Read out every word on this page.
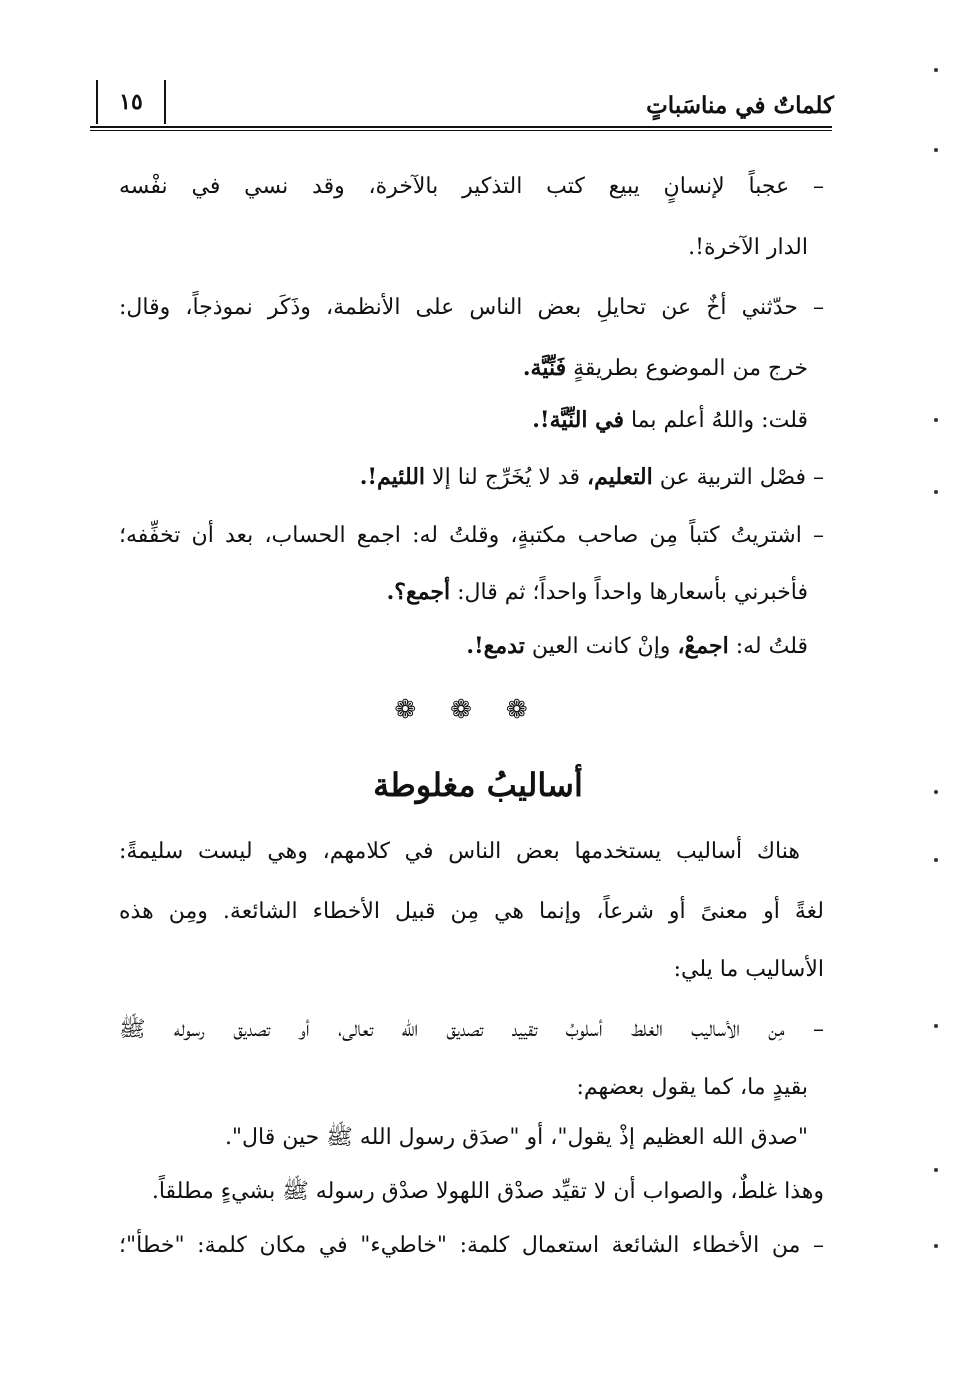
١٥	كلماتٌ في مناسَباتٍ
– عجباً لإنسانٍ يبيع كتب التذكير بالآخرة، وقد نسي في نفْسه
الدار الآخرة!.
– حدّثني أخٌ عن تحايلِ بعض الناس على الأنظمة، وذَكَر نموذجاً، وقال:
خرج من الموضوع بطريقةٍ فَنِّيَّة.
قلت: واللهُ أعلم بما في النِّيَّة!.
– فصْل التربية عن التعليم، قد لا يُخَرِّج لنا إلا اللئيم!.
– اشتريتُ كتباً مِن صاحب مكتبةٍ، وقلتُ له: اجمع الحساب، بعد أن تخفِّفه؛
فأخبرني بأسعارها واحداً واحداً؛ ثم قال: أجمع؟.
قلتُ له: اجمعْ، وإنْ كانت العين تدمع!.
❁❁❁
أساليبُ مغلوطة
هناك أساليب يستخدمها بعض الناس في كلامهم، وهي ليست سليمةً:
لغةً أو معنىً أو شرعاً، وإنما هي مِن قبيل الأخطاء الشائعة. ومِن هذه
الأساليب ما يلي:
– مِن الأساليب الغلط أسلوبُ تقييد تصديق الله تعالى، أو تصديق رسوله ﷺ
بقيدٍ ما، كما يقول بعضهم:
"صدق الله العظيم إذْ يقول"، أو "صدَق رسول الله ﷺ حين قال".
وهذا غلطٌ، والصواب أن لا تقيِّد صدْق اللهولا صدْق رسوله ﷺ بشيءٍ مطلقاً.
– من الأخطاء الشائعة استعمال كلمة: "خاطيء" في مكان كلمة: "خطأ"؛
